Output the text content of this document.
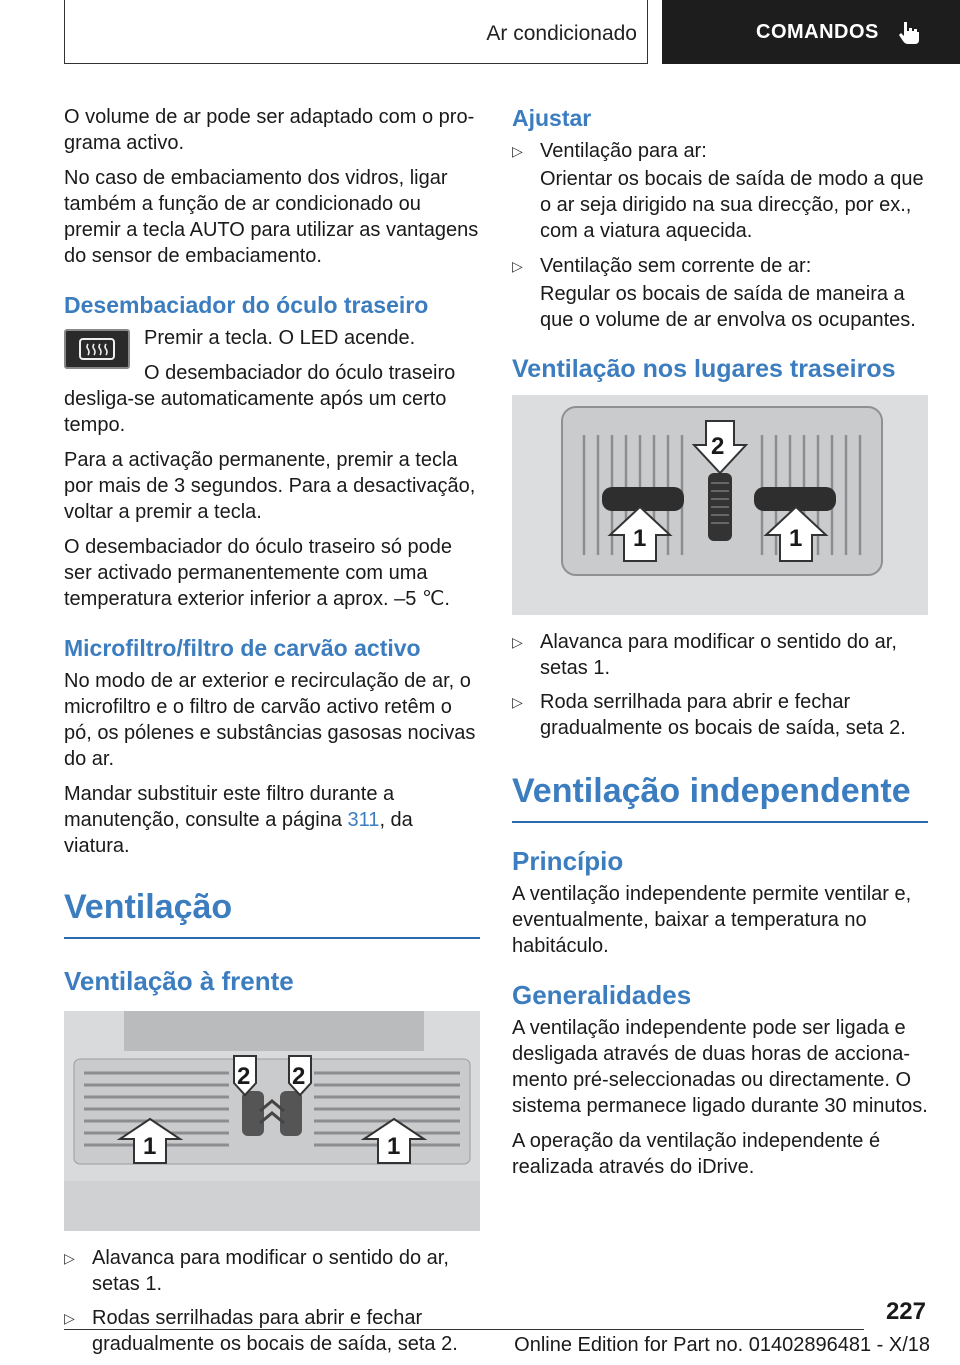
Ar condicionado	COMANDOS

O volume de ar pode ser adaptado com o programa activo.

No caso de embaciamento dos vidros, ligar também a função de ar condicionado ou premir a tecla AUTO para utilizar as vantagens do sensor de embaciamento.

Desembaciador do óculo traseiro

Premir a tecla. O LED acende.

O desembaciador do óculo traseiro desliga-se automaticamente após um certo tempo.

Para a activação permanente, premir a tecla por mais de 3 segundos. Para a desactivação, voltar a premir a tecla.

O desembaciador do óculo traseiro só pode ser activado permanentemente com uma temperatura exterior inferior a aprox. ‒5 ℃.

Microfiltro/filtro de carvão activo

No modo de ar exterior e recirculação de ar, o microfiltro e o filtro de carvão activo retêm o pó, os pólenes e substâncias gasosas nocivas do ar.

Mandar substituir este filtro durante a manutenção, consulte a página 311, da viatura.

Ventilação
Ventilação à frente
2 2
1	1
▷ Alavanca para modificar o sentido do ar, setas 1.
▷ Rodas serrilhadas para abrir e fechar gradualmente os bocais de saída, seta 2.
Ajustar
▷ Ventilação para ar:

Orientar os bocais de saída de modo a que o ar seja dirigido na sua direcção, por ex., com a viatura aquecida.

▷ Ventilação sem corrente de ar:

Regular os bocais de saída de maneira a que o volume de ar envolva os ocupantes.

Ventilação nos lugares traseiros
2
1	1
▷ Alavanca para modificar o sentido do ar, setas 1.
▷ Roda serrilhada para abrir e fechar gradualmente os bocais de saída, seta 2.
Ventilação independente
Princípio

A ventilação independente permite ventilar e, eventualmente, baixar a temperatura no habitáculo.

Generalidades

A ventilação independente pode ser ligada e desligada através de duas horas de accionamento pré-seleccionadas ou directamente. O sistema permanece ligado durante 30 minutos.

A operação da ventilação independente é realizada através do iDrive.

227
Online Edition for Part no. 01402896481 - X/18
